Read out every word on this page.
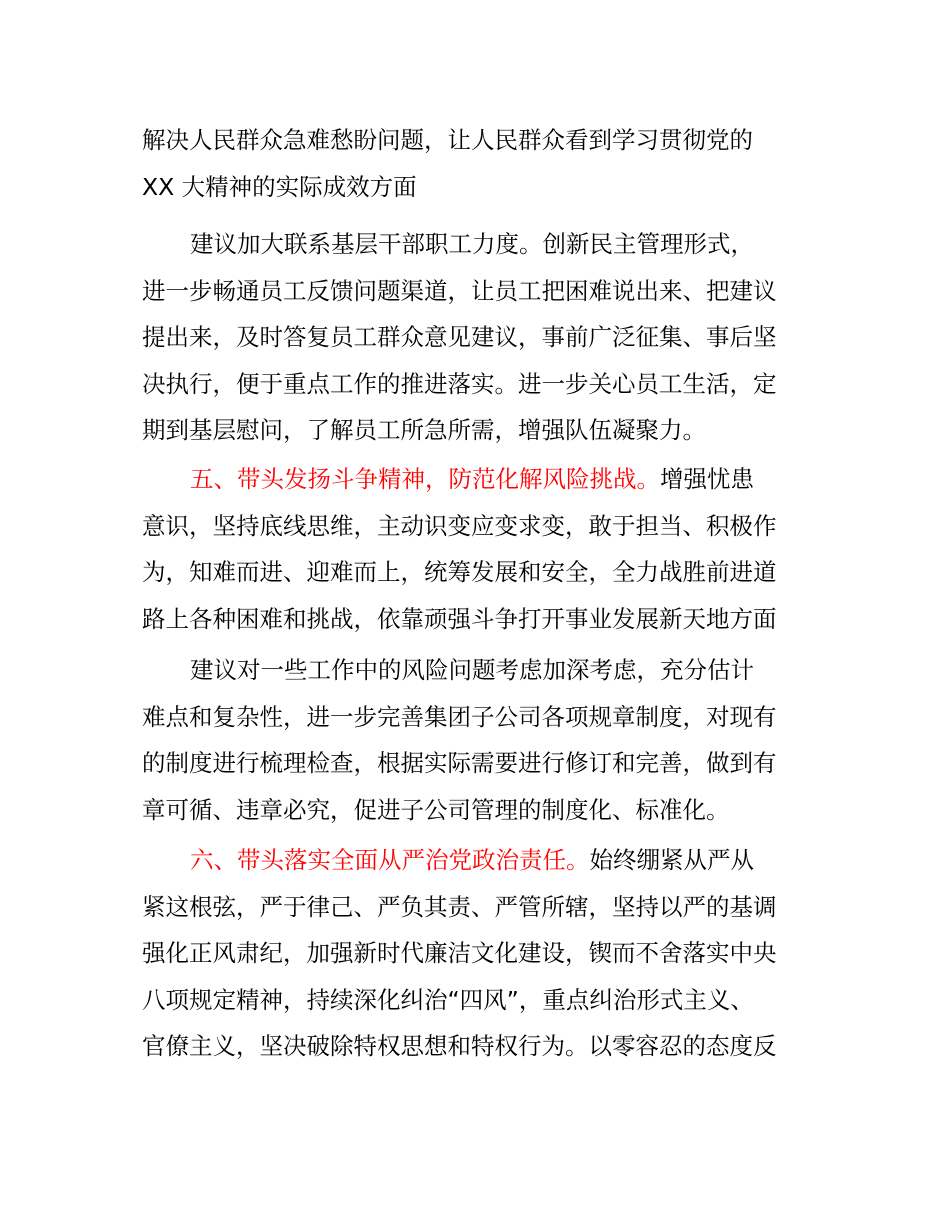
解决人民群众急难愁盼问题，让人民群众看到学习贯彻党的
XX 大精神的实际成效方面
建议加大联系基层干部职工力度。创新民主管理形式，
进一步畅通员工反馈问题渠道，让员工把困难说出来、把建议
提出来，及时答复员工群众意见建议，事前广泛征集、事后坚
决执行，便于重点工作的推进落实。进一步关心员工生活，定
期到基层慰问，了解员工所急所需，增强队伍凝聚力。
五、带头发扬斗争精神，防范化解风险挑战。增强忧患
意识，坚持底线思维，主动识变应变求变，敢于担当、积极作
为，知难而进、迎难而上，统筹发展和安全，全力战胜前进道
路上各种困难和挑战，依靠顽强斗争打开事业发展新天地方面
建议对一些工作中的风险问题考虑加深考虑，充分估计
难点和复杂性，进一步完善集团子公司各项规章制度，对现有
的制度进行梳理检查，根据实际需要进行修订和完善，做到有
章可循、违章必究，促进子公司管理的制度化、标准化。
六、带头落实全面从严治党政治责任。始终绷紧从严从
紧这根弦，严于律己、严负其责、严管所辖，坚持以严的基调
强化正风肃纪，加强新时代廉洁文化建设，锲而不舍落实中央
八项规定精神，持续深化纠治“四风”，重点纠治形式主义、
官僚主义，坚决破除特权思想和特权行为。以零容忍的态度反
